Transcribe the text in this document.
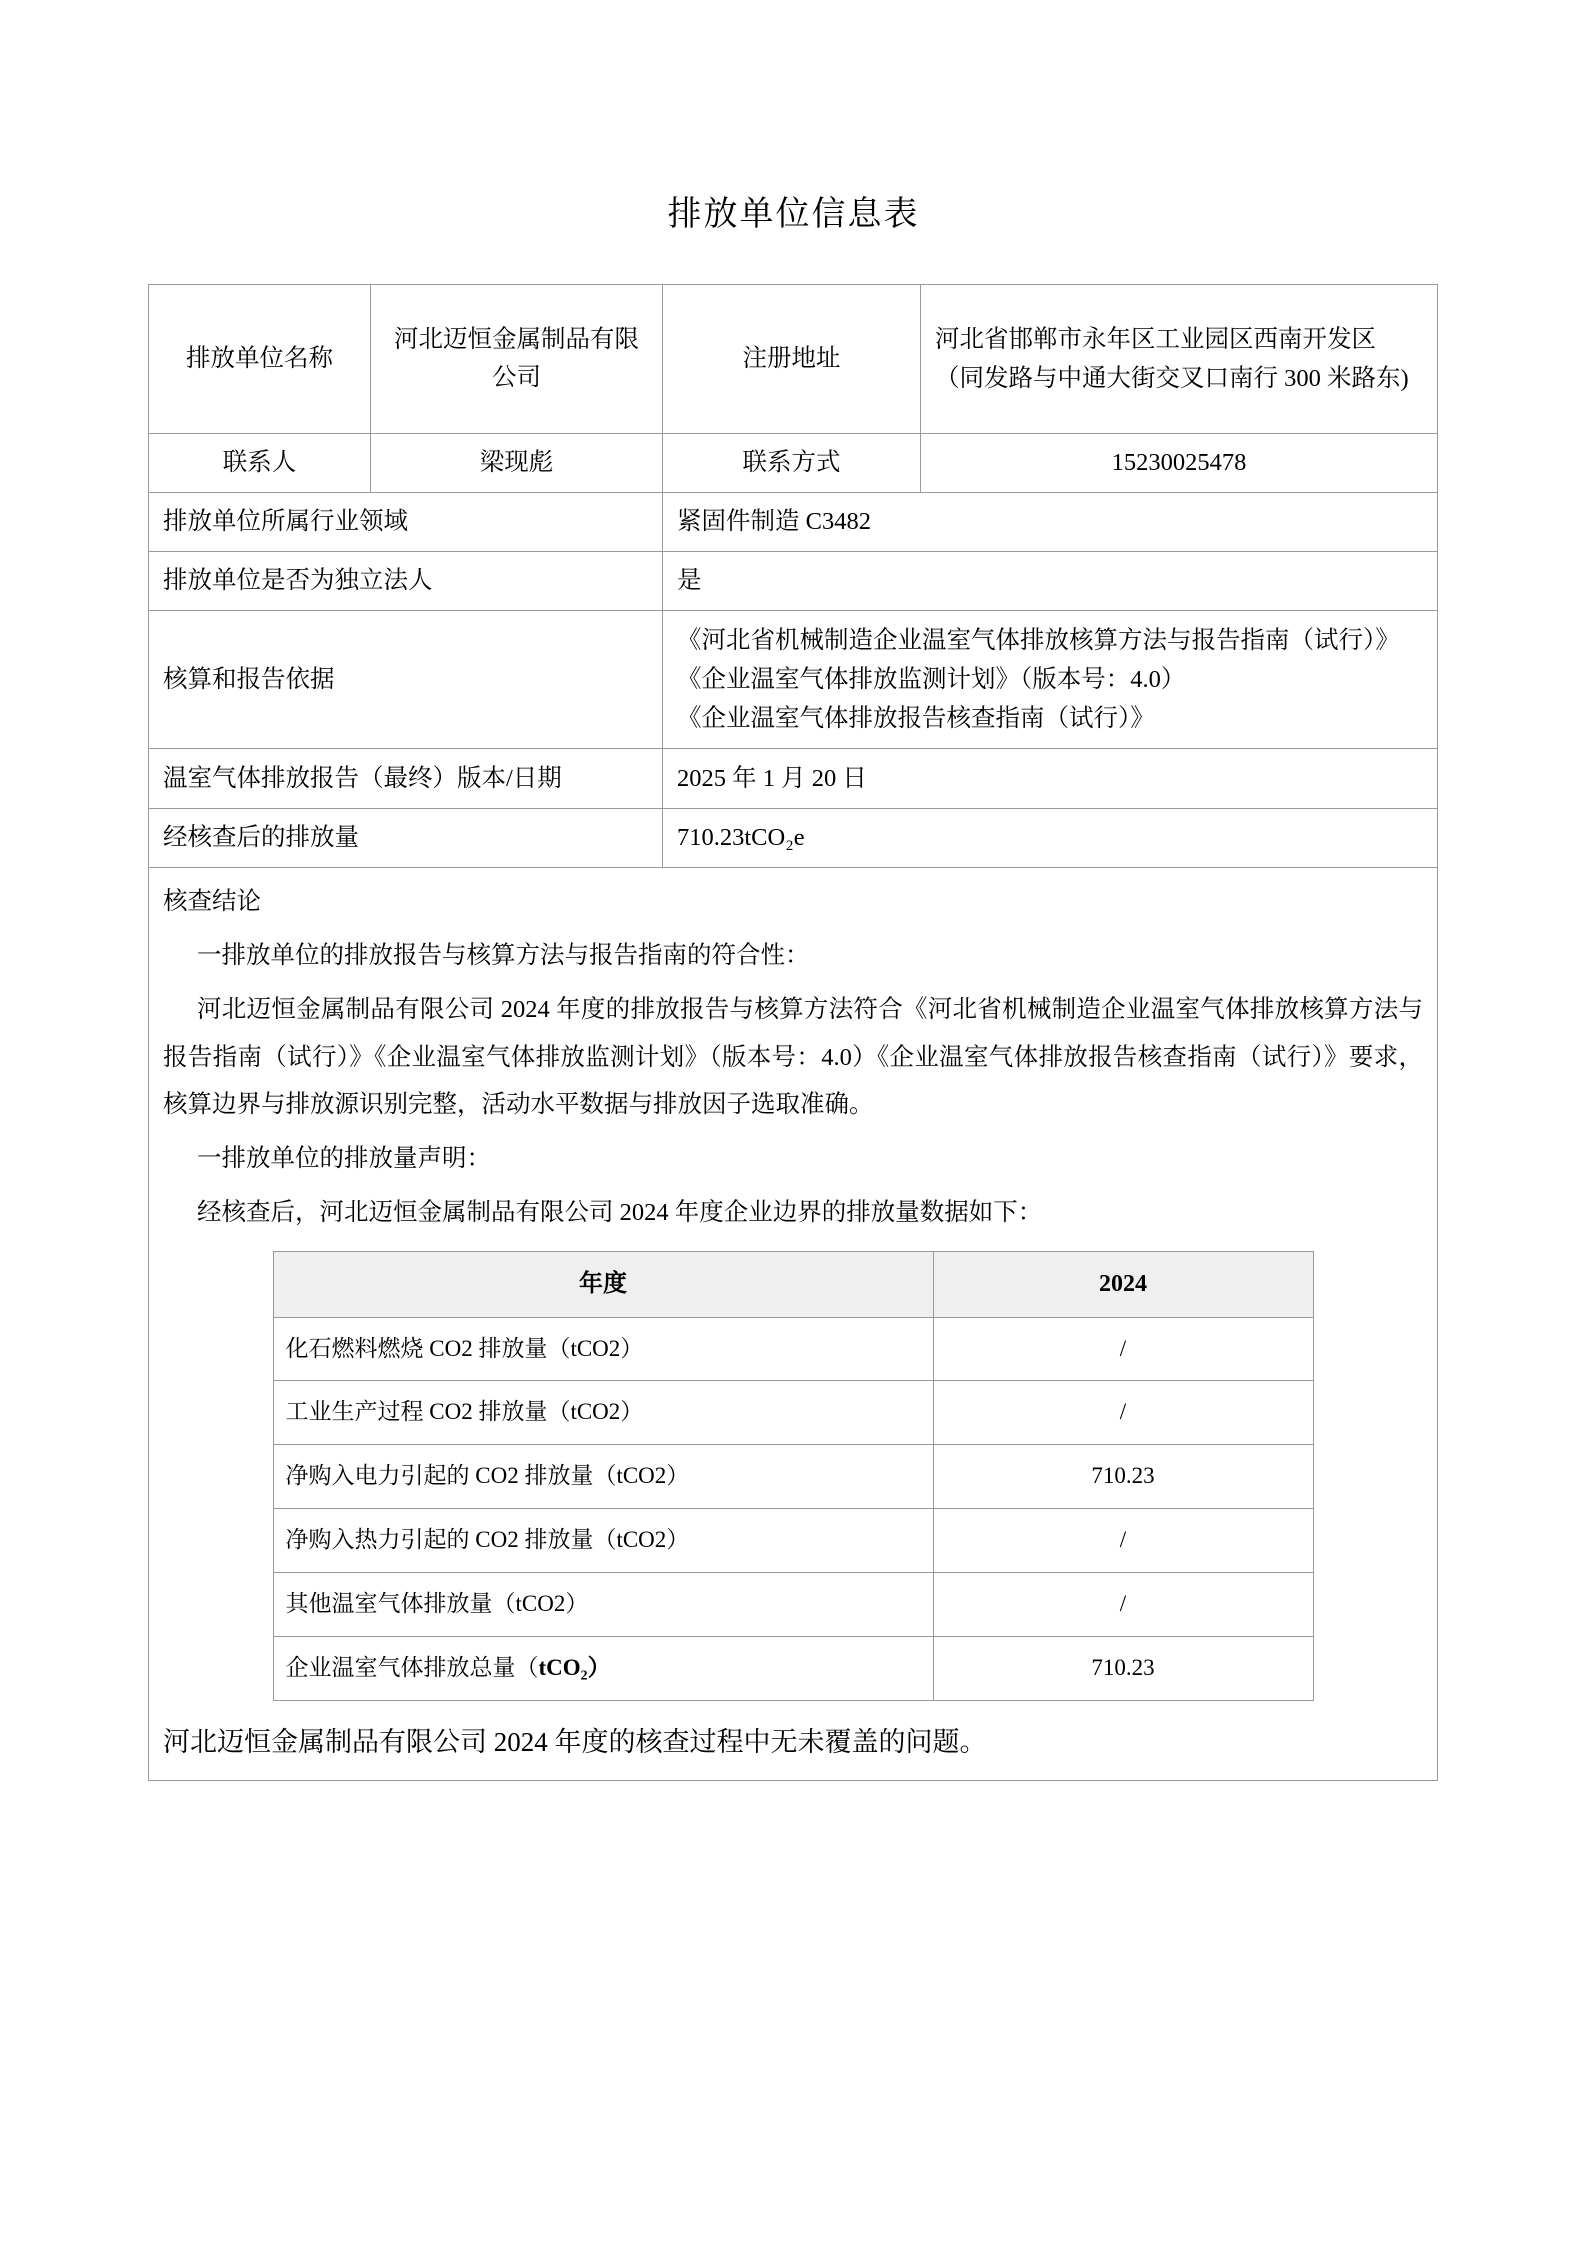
排放单位信息表
排放单位名称	河北迈恒金属制品有限公司	注册地址	河北省邯郸市永年区工业园区西南开发区（同发路与中通大街交叉口南行 300 米路东)
联系人	梁现彪	联系方式	15230025478
排放单位所属行业领域	紧固件制造 C3482
排放单位是否为独立法人	是
核算和报告依据	
《河北省机械制造企业温室气体排放核算方法与报告指南（试行）》
《企业温室气体排放监测计划》（版本号：4.0）
《企业温室气体排放报告核查指南（试行）》

温室气体排放报告（最终）版本/日期	2025 年 1 月 20 日
经核查后的排放量	710.23tCO₂e

核查结论

一排放单位的排放报告与核算方法与报告指南的符合性：

河北迈恒金属制品有限公司 2024 年度的排放报告与核算方法符合《河北省机械制造企业温室气体排放核算方法与报告指南（试行）》《企业温室气体排放监测计划》（版本号：4.0）《企业温室气体排放报告核查指南（试行）》要求，核算边界与排放源识别完整，活动水平数据与排放因子选取准确。

一排放单位的排放量声明：

经核查后，河北迈恒金属制品有限公司 2024 年度企业边界的排放量数据如下：

年度	2024
化石燃料燃烧 CO2 排放量（tCO2）	/
工业生产过程 CO2 排放量（tCO2）	/
净购入电力引起的 CO2 排放量（tCO2）	710.23
净购入热力引起的 CO2 排放量（tCO2）	/
其他温室气体排放量（tCO2）	/
企业温室气体排放总量（tCO₂）	710.23

河北迈恒金属制品有限公司 2024 年度的核查过程中无未覆盖的问题。
